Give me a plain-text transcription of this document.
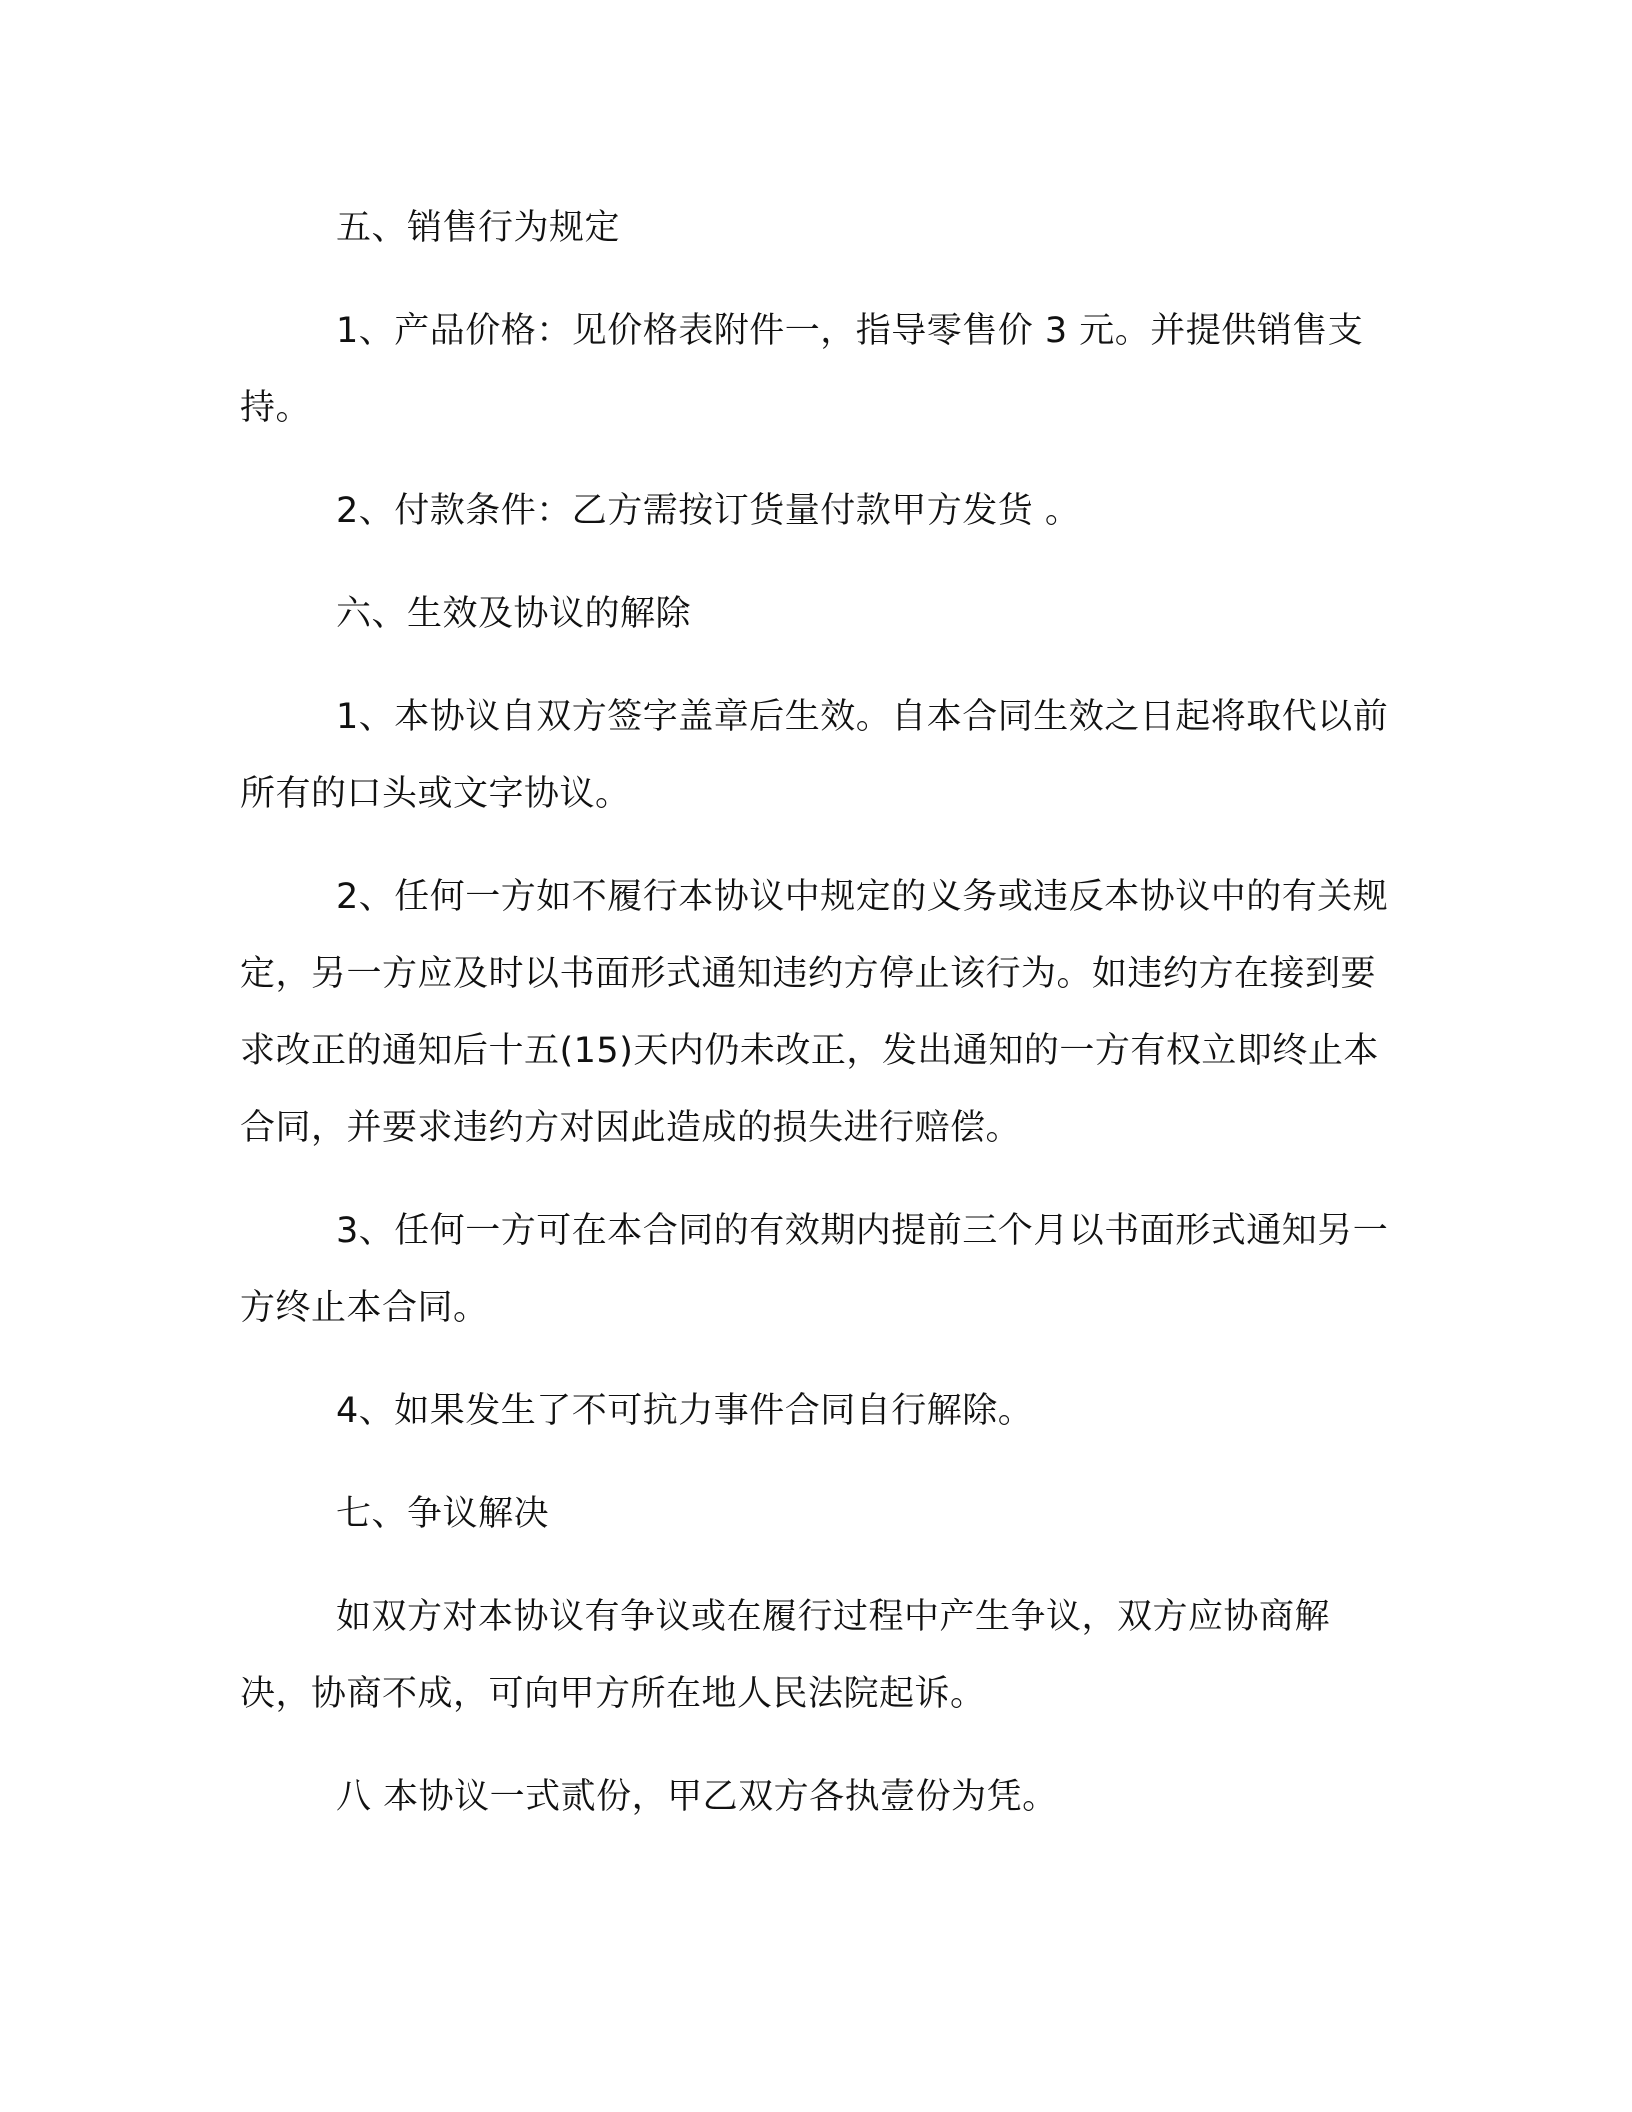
五、销售行为规定

1、产品价格：见价格表附件一，指导零售价 3 元。并提供销售支持。

2、付款条件：乙方需按订货量付款甲方发货 。

六、生效及协议的解除

1、本协议自双方签字盖章后生效。自本合同生效之日起将取代以前所有的口头或文字协议。

2、任何一方如不履行本协议中规定的义务或违反本协议中的有关规定，另一方应及时以书面形式通知违约方停止该行为。如违约方在接到要求改正的通知后十五(15)天内仍未改正，发出通知的一方有权立即终止本合同，并要求违约方对因此造成的损失进行赔偿。

3、任何一方可在本合同的有效期内提前三个月以书面形式通知另一方终止本合同。

4、如果发生了不可抗力事件合同自行解除。

七、争议解决

如双方对本协议有争议或在履行过程中产生争议，双方应协商解决，协商不成，可向甲方所在地人民法院起诉。

八 本协议一式贰份，甲乙双方各执壹份为凭。
